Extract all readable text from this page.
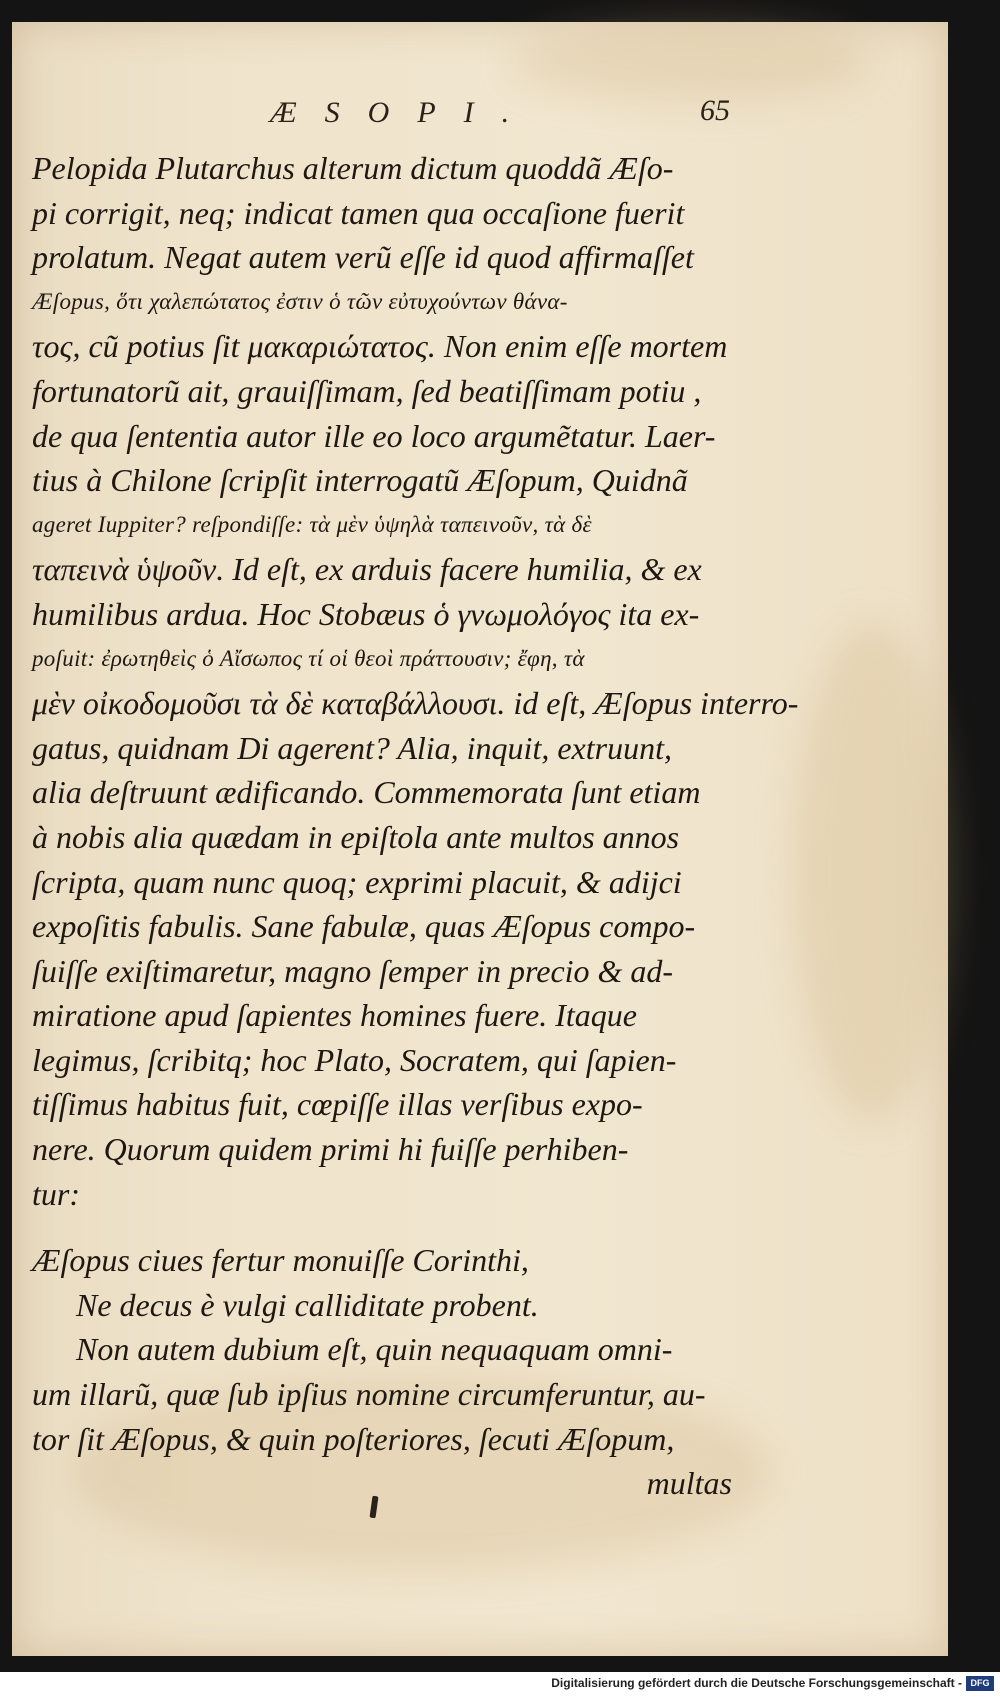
ÆSOPI.	65
Pelopida Plutarchus alterum dictum quoddã Æſo-
pi corrigit, neq; indicat tamen qua occaſione fuerit
prolatum. Negat autem verũ eſſe id quod affirmaſſet
Æſopus, ὅτι χαλεπώτατος ἐστιν ὁ τῶν εὐτυχούντων θάνα-
τος, cũ potius ſit μακαριώτατος. Non enim eſſe mortem
fortunatorũ ait, grauiſſimam, ſed beatiſſimam potiu ,
de qua ſententia autor ille eo loco argumẽtatur. Laer-
tius à Chilone ſcripſit interrogatũ Æſopum, Quidnã
ageret Iuppiter? reſpondiſſe: τὰ μὲν ὑψηλὰ ταπεινοῦν, τὰ δὲ
ταπεινὰ ὑψοῦν. Id eſt, ex arduis facere humilia, & ex
humilibus ardua. Hoc Stobæus ὁ γνωμολόγος ita ex-
poſuit: ἐρωτηθεὶς ὁ Αἴσωπος τί οἱ θεοὶ πράττουσιν; ἔφη, τὰ
μὲν οἰκοδομοῦσι τὰ δὲ καταβάλλουσι. id eſt, Æſopus interro-
gatus, quidnam Di agerent? Alia, inquit, extruunt,
alia deſtruunt ædificando. Commemorata ſunt etiam
à nobis alia quædam in epiſtola ante multos annos
ſcripta, quam nunc quoq; exprimi placuit, & adijci
expoſitis fabulis. Sane fabulæ, quas Æſopus compo-
ſuiſſe exiſtimaretur, magno ſemper in precio & ad-
miratione apud ſapientes homines fuere. Itaque
legimus, ſcribitq; hoc Plato, Socratem, qui ſapien-
tiſſimus habitus fuit, cœpiſſe illas verſibus expo-
nere. Quorum quidem primi hi fuiſſe perhiben-
tur:
Æſopus ciues fertur monuiſſe Corinthi,
Ne decus è vulgi calliditate probent.
Non autem dubium eſt, quin nequaquam omni-
um illarũ, quæ ſub ipſius nomine circumferuntur, au-
tor ſit Æſopus, & quin poſteriores, ſecuti Æſopum,
multas
Digitalisierung gefördert durch die Deutsche Forschungsgemeinschaft - DFG
